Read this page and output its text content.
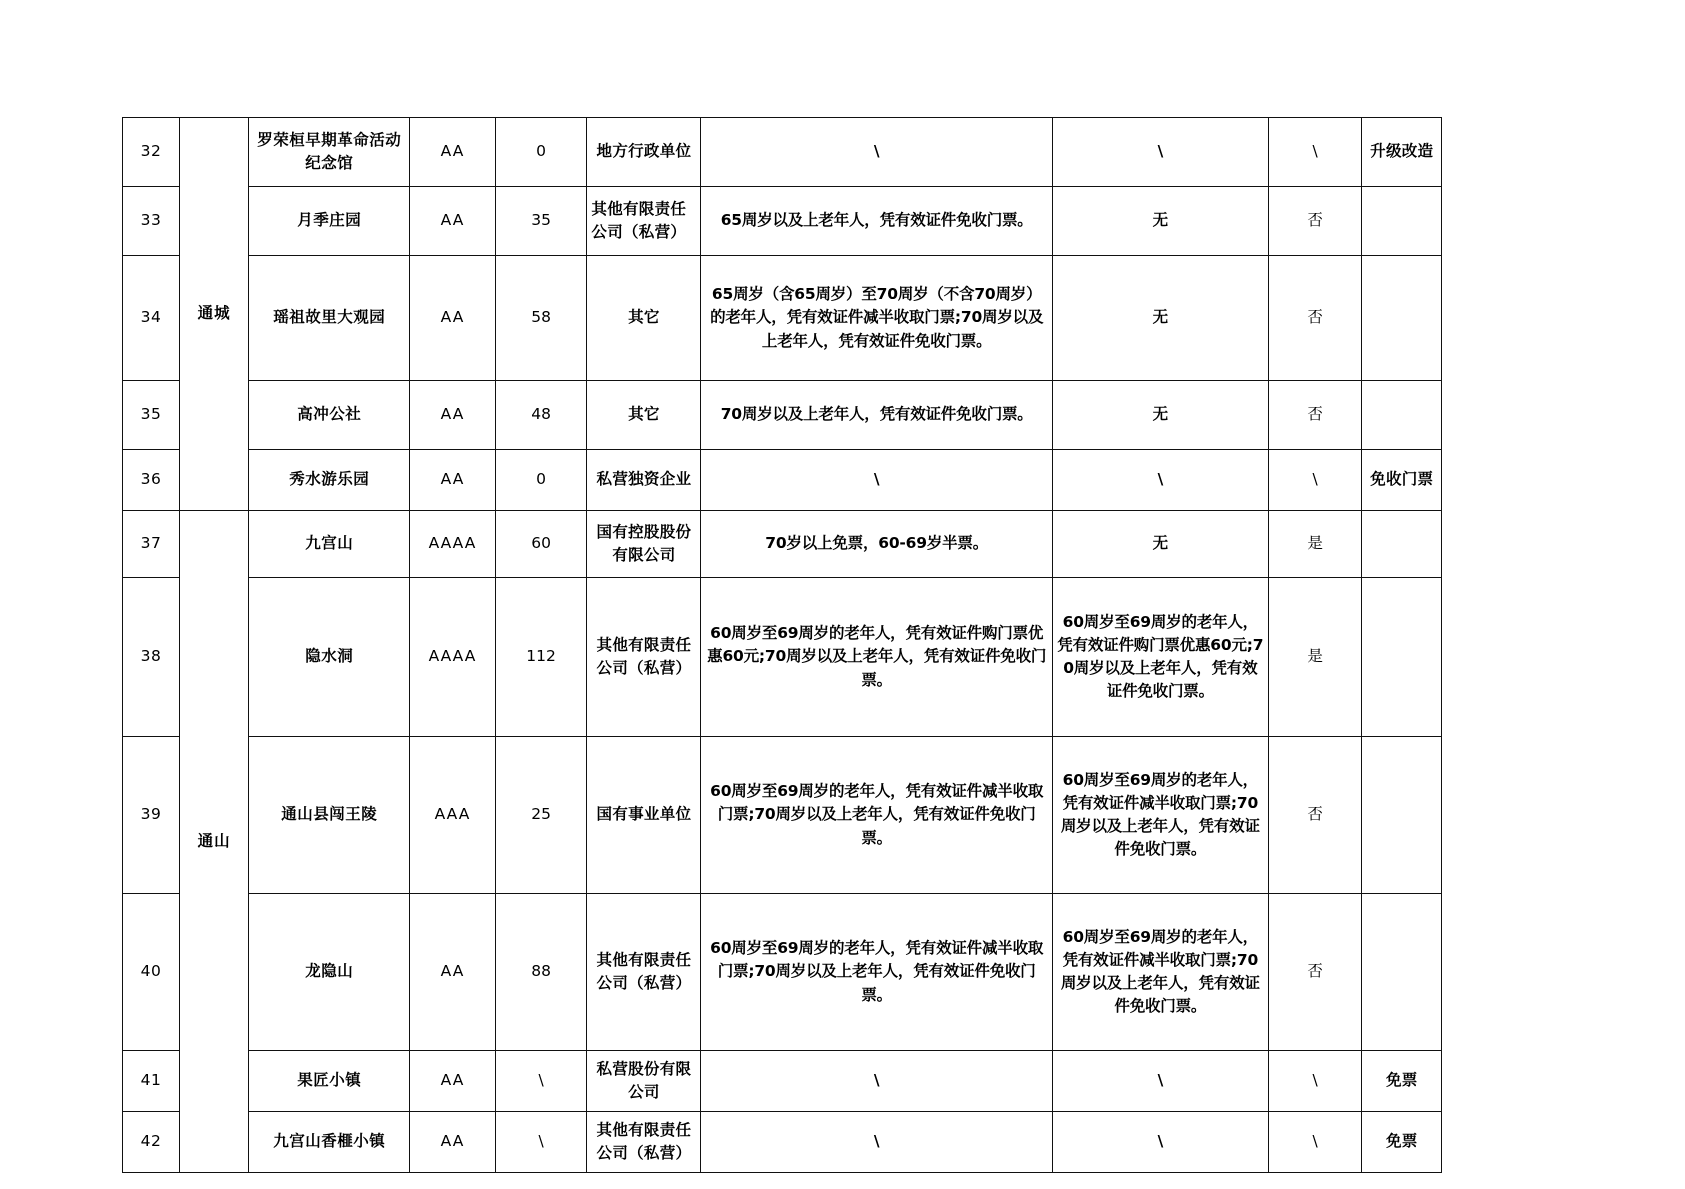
32	通城	罗荣桓早期革命活动纪念馆	AA	0	地方行政单位	\	\	\	升级改造
33		月季庄园	AA	35	其他有限责任公司（私营）	65周岁以及上老年人，凭有效证件免收门票。	无	否	
34		瑶祖故里大观园	AA	58	其它	65周岁（含65周岁）至70周岁（不含70周岁）的老年人，凭有效证件减半收取门票;70周岁以及上老年人，凭有效证件免收门票。	无	否	
35		高冲公社	AA	48	其它	70周岁以及上老年人，凭有效证件免收门票。	无	否	
36		秀水游乐园	AA	0	私营独资企业	\	\	\	免收门票
37	通山	九宫山	AAAA	60	国有控股股份有限公司	70岁以上免票，60-69岁半票。	无	是	
38		隐水洞	AAAA	112	其他有限责任公司（私营）	60周岁至69周岁的老年人，凭有效证件购门票优惠60元;70周岁以及上老年人，凭有效证件免收门票。	60周岁至69周岁的老年人，凭有效证件购门票优惠60元;70周岁以及上老年人，凭有效证件免收门票。	是	
39		通山县闯王陵	AAA	25	国有事业单位	60周岁至69周岁的老年人，凭有效证件减半收取门票;70周岁以及上老年人，凭有效证件免收门票。	60周岁至69周岁的老年人，凭有效证件减半收取门票;70周岁以及上老年人，凭有效证件免收门票。	否	
40		龙隐山	AA	88	其他有限责任公司（私营）	60周岁至69周岁的老年人，凭有效证件减半收取门票;70周岁以及上老年人，凭有效证件免收门票。	60周岁至69周岁的老年人，凭有效证件减半收取门票;70周岁以及上老年人，凭有效证件免收门票。	否	
41		果匠小镇	AA	\	私营股份有限公司	\	\	\	免票
42		九宫山香榧小镇	AA	\	其他有限责任公司（私营）	\	\	\	免票
